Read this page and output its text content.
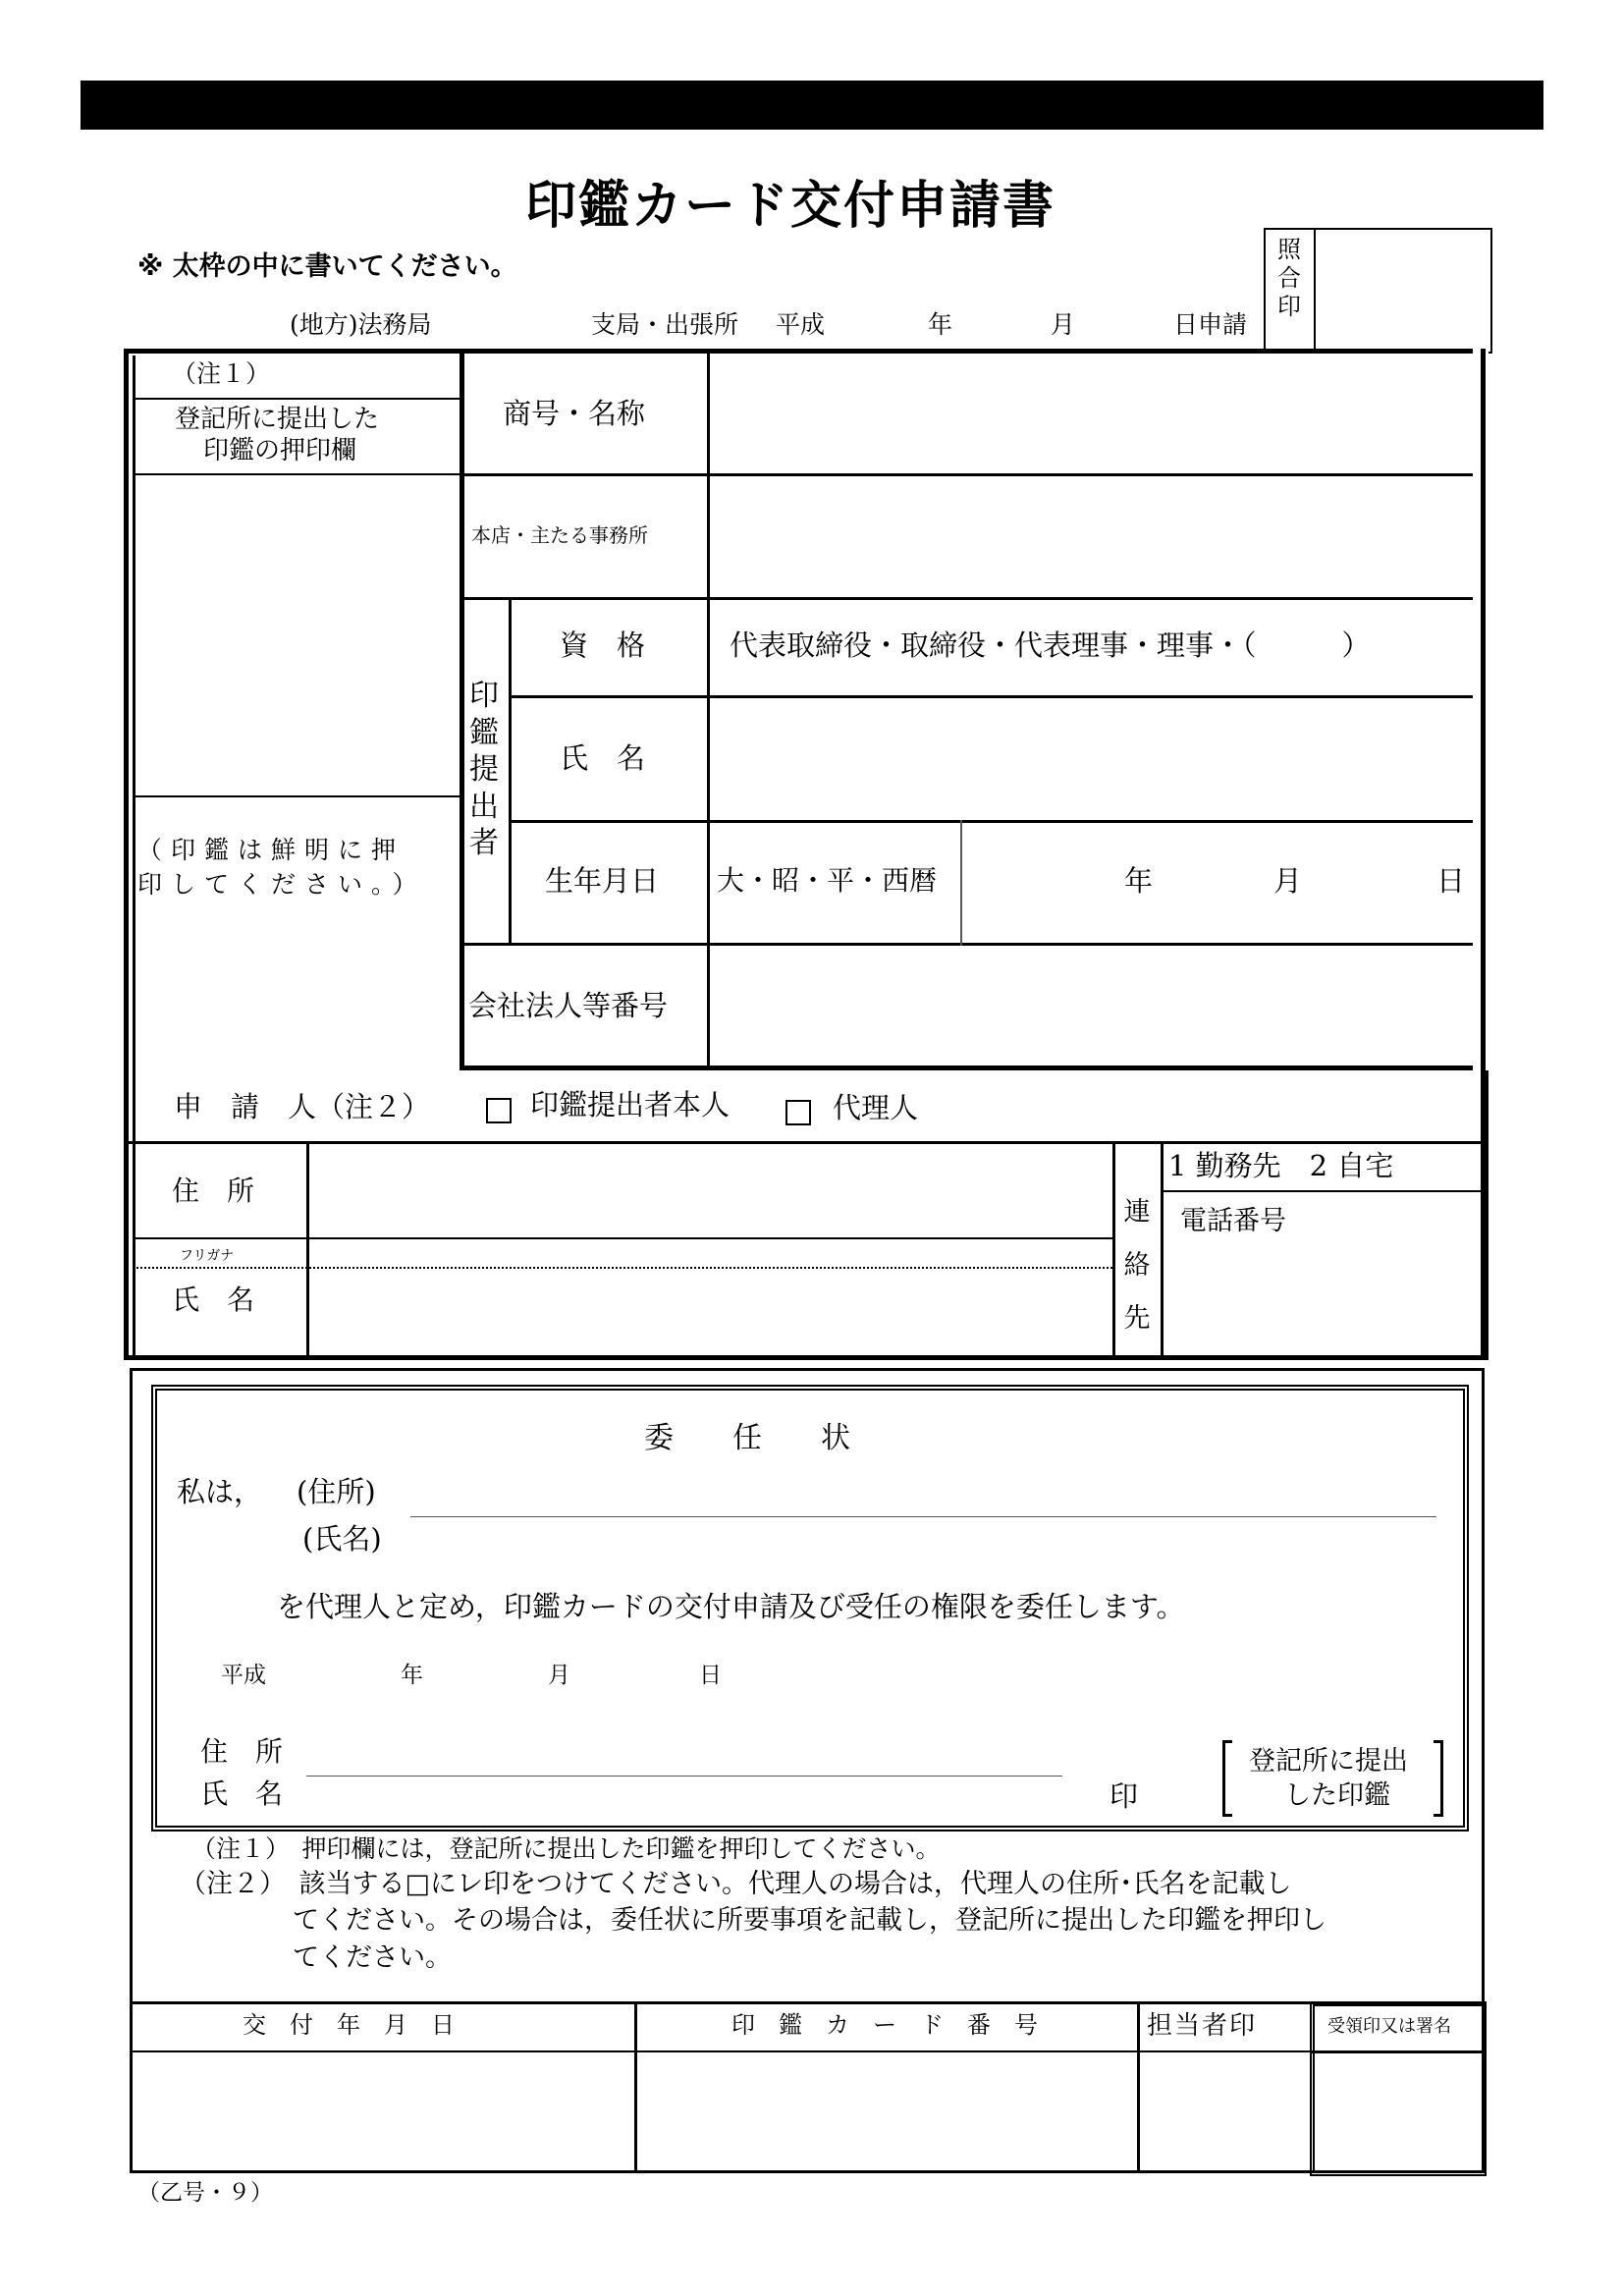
印鑑カード交付申請書
※ 太枠の中に書いてください。
照
合
印
(地方)法務局	支局・出張所 平成	年	月	日申請
（注１）
登記所に提出した
印鑑の押印欄
（印鑑は鮮明に押
印してください。）
商号・名称
本店・主たる事務所
印
鑑
提
出
者
資　格	代表取締役・取締役・代表理事・理事・（　　　）
氏　名
生年月日 大・昭・平・西暦	年	月	日
会社法人等番号
申　請　人（注２）	印鑑提出者本人	代理人
住　所
フリガナ
氏　名
連
絡
先
1 勤務先　2 自宅
電話番号
委　　任　　状
私は， (住所)
(氏名)
を代理人と定め，印鑑カードの交付申請及び受任の権限を委任します。
平成	年	月	日
住　所
氏　名	印
登記所に提出
した印鑑
（注１）　押印欄には，登記所に提出した印鑑を押印してください。
（注２）　該当する□にレ印をつけてください。代理人の場合は，代理人の住所･氏名を記載し
てください。その場合は，委任状に所要事項を記載し，登記所に提出した印鑑を押印し
てください。
交　付　年　月　日	印　鑑　カ　ー　ド　番　号	担当者印	受領印又は署名
（乙号・９）
